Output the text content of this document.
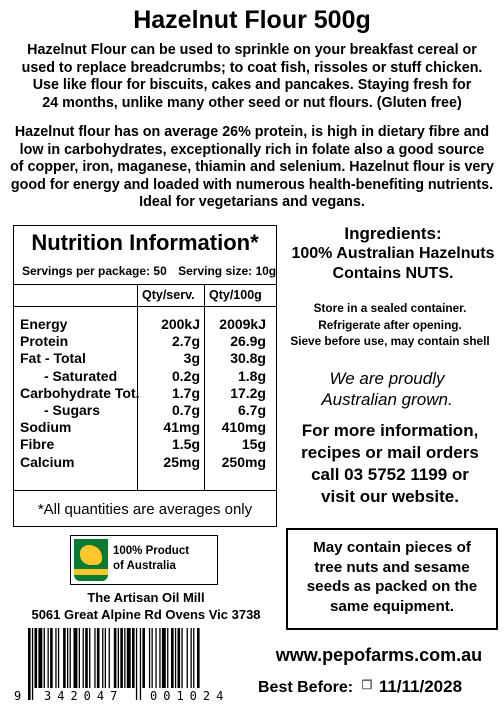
Hazelnut Flour 500g
Hazelnut Flour can be used to sprinkle on your breakfast cereal or
used to replace breadcrumbs; to coat fish, rissoles or stuff chicken.
Use like flour for biscuits, cakes and pancakes. Staying fresh for
24 months, unlike many other seed or nut flours. (Gluten free)
Hazelnut flour has on average 26% protein, is high in dietary fibre and
low in carbohydrates, exceptionally rich in folate also a good source
of copper, iron, maganese, thiamin and selenium. Hazelnut flour is very
good for energy and loaded with numerous health-benefiting nutrients.
Ideal for vegetarians and vegans.
Nutrition Information*
Servings per package: 50 Serving size: 10g
Qty/serv. Qty/100g
Energy	200kJ 2009kJ
Protein	2.7g 26.9g
Fat - Total	3g 30.8g
- Saturated	0.2g	1.8g
Carbohydrate Tot. 1.7g 17.2g
- Sugars	0.7g	6.7g
Sodium	41mg 410mg
Fibre	1.5g	15g
Calcium	25mg 250mg
*All quantities are averages only
Ingredients:
100% Australian Hazelnuts
Contains NUTS.
Store in a sealed container.
Refrigerate after opening.
Sieve before use, may contain shell
We are proudly
Australian grown.
For more information,
recipes or mail orders
call 03 5752 1199 or
visit our website.
100% Product
of Australia
The Artisan Oil Mill
5061 Great Alpine Rd Ovens Vic 3738
May contain pieces of
tree nuts and sesame
seeds as packed on the
same equipment.
9 342047 001024
www.pepofarms.com.au
Best Before: ❐ 11/11/2028
